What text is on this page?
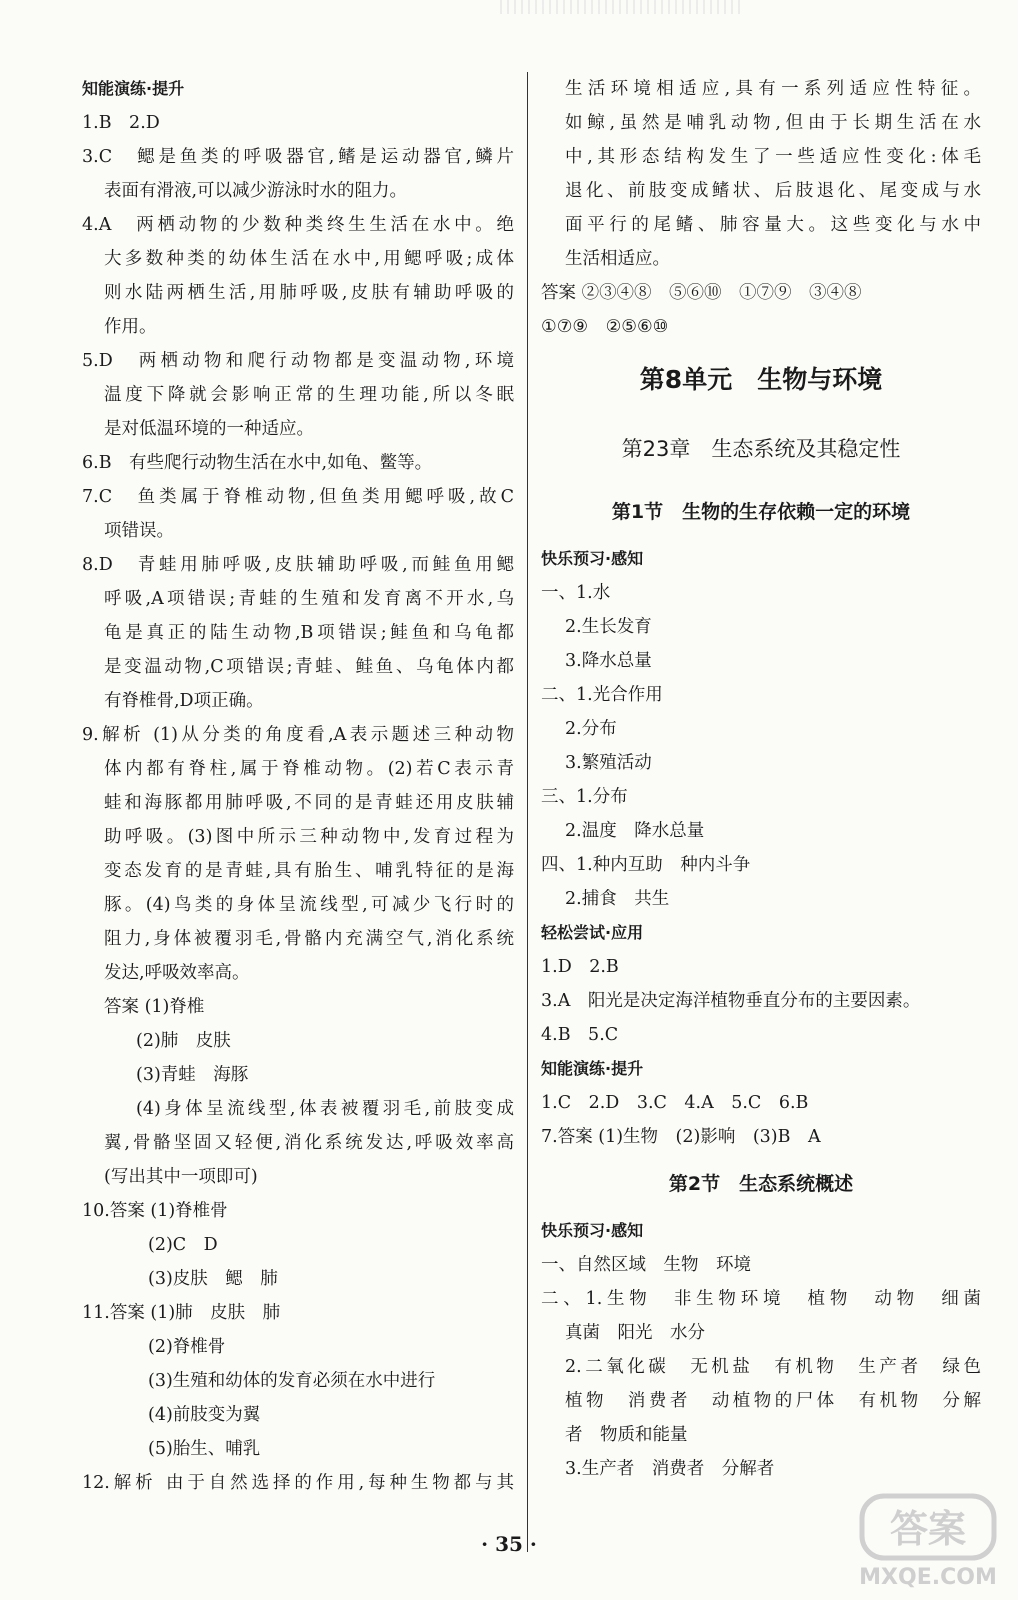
知能演练·提升
1.B　2.D
3.C　鳃是鱼类的呼吸器官,鳍是运动器官,鳞片
表面有滑液,可以减少游泳时水的阻力。
4.A　两栖动物的少数种类终生生活在水中。绝
大多数种类的幼体生活在水中,用鳃呼吸;成体
则水陆两栖生活,用肺呼吸,皮肤有辅助呼吸的
作用。
5.D　两栖动物和爬行动物都是变温动物,环境
温度下降就会影响正常的生理功能,所以冬眠
是对低温环境的一种适应。
6.B　有些爬行动物生活在水中,如龟、鳖等。
7.C　鱼类属于脊椎动物,但鱼类用鳃呼吸,故C
项错误。
8.D　青蛙用肺呼吸,皮肤辅助呼吸,而鲑鱼用鳃
呼吸,A项错误;青蛙的生殖和发育离不开水,乌
龟是真正的陆生动物,B项错误;鲑鱼和乌龟都
是变温动物,C项错误;青蛙、鲑鱼、乌龟体内都
有脊椎骨,D项正确。
9.解析 (1)从分类的角度看,A表示题述三种动物
体内都有脊柱,属于脊椎动物。(2)若C表示青
蛙和海豚都用肺呼吸,不同的是青蛙还用皮肤辅
助呼吸。(3)图中所示三种动物中,发育过程为
变态发育的是青蛙,具有胎生、哺乳特征的是海
豚。(4)鸟类的身体呈流线型,可减少飞行时的
阻力,身体被覆羽毛,骨骼内充满空气,消化系统
发达,呼吸效率高。
答案 (1)脊椎
(2)肺　皮肤
(3)青蛙　海豚
(4)身体呈流线型,体表被覆羽毛,前肢变成
翼,骨骼坚固又轻便,消化系统发达,呼吸效率高
(写出其中一项即可)
10.答案 (1)脊椎骨
(2)C　D
(3)皮肤　鳃　肺
11.答案 (1)肺　皮肤　肺
(2)脊椎骨
(3)生殖和幼体的发育必须在水中进行
(4)前肢变为翼
(5)胎生、哺乳
12.解析 由于自然选择的作用,每种生物都与其
生活环境相适应,具有一系列适应性特征。
如鲸,虽然是哺乳动物,但由于长期生活在水
中,其形态结构发生了一些适应性变化:体毛
退化、前肢变成鳍状、后肢退化、尾变成与水
面平行的尾鳍、肺容量大。这些变化与水中
生活相适应。
答案 ②③④⑧　⑤⑥⑩　①⑦⑨　③④⑧
①⑦⑨　②⑤⑥⑩
第8单元　生物与环境
第23章　生态系统及其稳定性
第1节　生物的生存依赖一定的环境
快乐预习·感知
一、1.水
2.生长发育
3.降水总量
二、1.光合作用
2.分布
3.繁殖活动
三、1.分布
2.温度　降水总量
四、1.种内互助　种内斗争
2.捕食　共生
轻松尝试·应用
1.D　2.B
3.A　阳光是决定海洋植物垂直分布的主要因素。
4.B　5.C
知能演练·提升
1.C　2.D　3.C　4.A　5.C　6.B
7.答案 (1)生物　(2)影响　(3)B　A
第2节　生态系统概述
快乐预习·感知
一、自然区域　生物　环境
二、1.生物　非生物环境　植物　动物　细菌
真菌　阳光　水分
2.二氧化碳　无机盐　有机物　生产者　绿色
植物　消费者　动植物的尸体　有机物　分解
者　物质和能量
3.生产者　消费者　分解者
· 35 ·	答案
MXQE.COM
